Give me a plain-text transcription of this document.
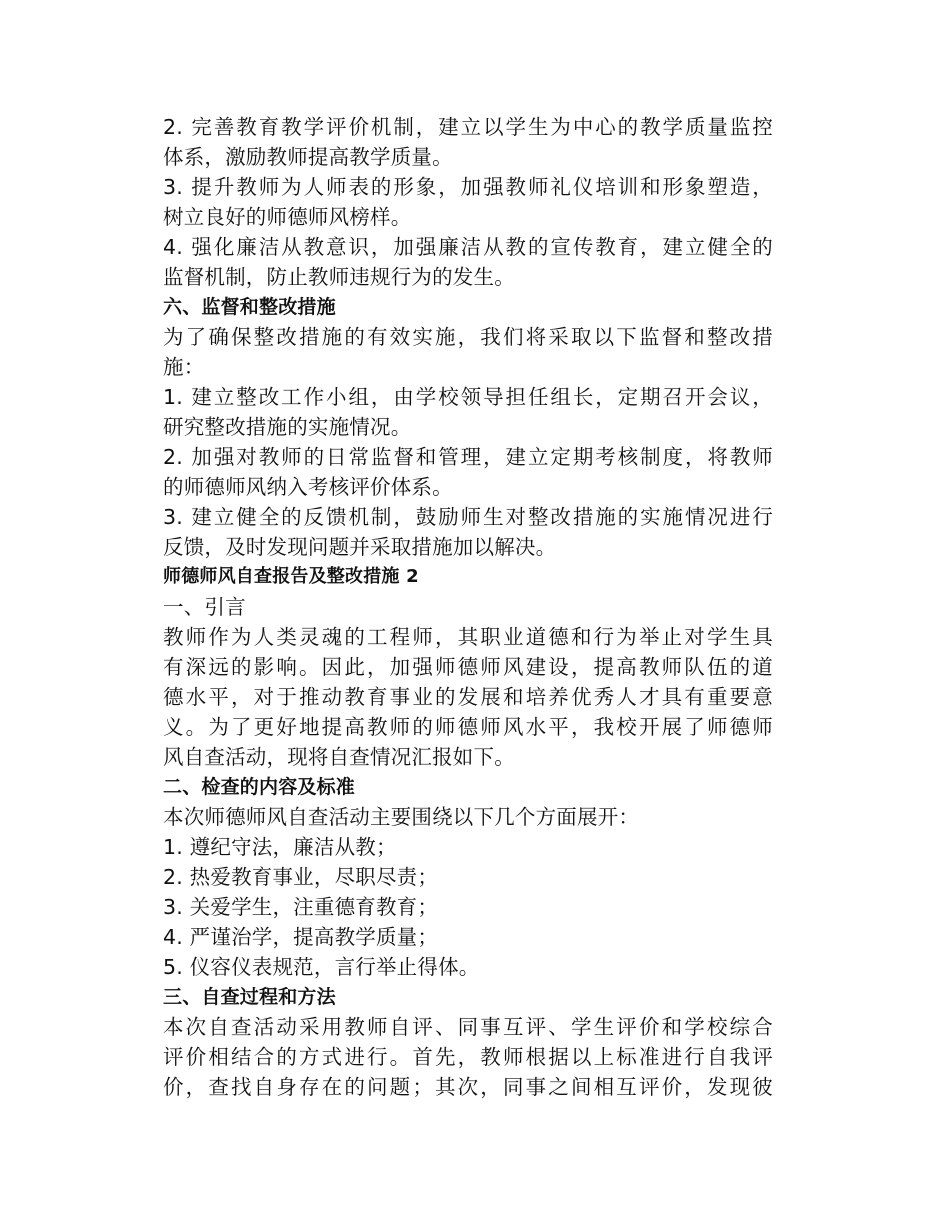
2. 完善教育教学评价机制，建立以学生为中心的教学质量监控
体系，激励教师提高教学质量。
3. 提升教师为人师表的形象，加强教师礼仪培训和形象塑造，
树立良好的师德师风榜样。
4. 强化廉洁从教意识，加强廉洁从教的宣传教育，建立健全的
监督机制，防止教师违规行为的发生。
六、监督和整改措施
为了确保整改措施的有效实施，我们将采取以下监督和整改措
施：
1. 建立整改工作小组，由学校领导担任组长，定期召开会议，
研究整改措施的实施情况。
2. 加强对教师的日常监督和管理，建立定期考核制度，将教师
的师德师风纳入考核评价体系。
3. 建立健全的反馈机制，鼓励师生对整改措施的实施情况进行
反馈，及时发现问题并采取措施加以解决。
师德师风自查报告及整改措施 2
一、引言
教师作为人类灵魂的工程师，其职业道德和行为举止对学生具
有深远的影响。因此，加强师德师风建设，提高教师队伍的道
德水平，对于推动教育事业的发展和培养优秀人才具有重要意
义。为了更好地提高教师的师德师风水平，我校开展了师德师
风自查活动，现将自查情况汇报如下。
二、检查的内容及标准
本次师德师风自查活动主要围绕以下几个方面展开：
1. 遵纪守法，廉洁从教；
2. 热爱教育事业，尽职尽责；
3. 关爱学生，注重德育教育；
4. 严谨治学，提高教学质量；
5. 仪容仪表规范，言行举止得体。
三、自查过程和方法
本次自查活动采用教师自评、同事互评、学生评价和学校综合
评价相结合的方式进行。首先，教师根据以上标准进行自我评
价，查找自身存在的问题；其次，同事之间相互评价，发现彼
